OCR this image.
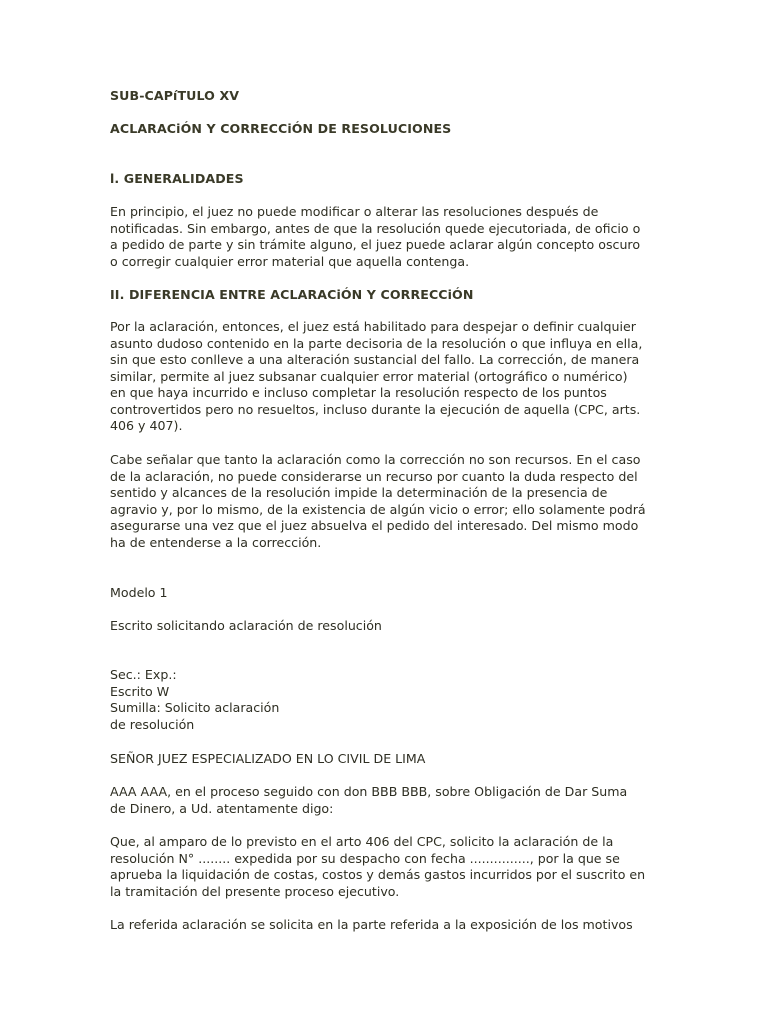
SUB-CAPíTULO XV
ACLARACiÓN Y CORRECCiÓN DE RESOLUCIONES
l. GENERALIDADES
En principio, el juez no puede modificar o alterar las resoluciones después de
notificadas. Sin embargo, antes de que la resolución quede ejecutoriada, de oficio o
a pedido de parte y sin trámite alguno, el juez puede aclarar algún concepto oscuro
o corregir cualquier error material que aquella contenga.
II. DIFERENCIA ENTRE ACLARACiÓN Y CORRECCiÓN
Por la aclaración, entonces, el juez está habilitado para despejar o definir cualquier
asunto dudoso contenido en la parte decisoria de la resolución o que influya en ella,
sin que esto conlleve a una alteración sustancial del fallo. La corrección, de manera
similar, permite al juez subsanar cualquier error material (ortográfico o numérico)
en que haya incurrido e incluso completar la resolución respecto de los puntos
controvertidos pero no resueltos, incluso durante la ejecución de aquella (CPC, arts.
406 y 407).
Cabe señalar que tanto la aclaración como la corrección no son recursos. En el caso
de la aclaración, no puede considerarse un recurso por cuanto la duda respecto del
sentido y alcances de la resolución impide la determinación de la presencia de
agravio y, por lo mismo, de la existencia de algún vicio o error; ello solamente podrá
asegurarse una vez que el juez absuelva el pedido del interesado. Del mismo modo
ha de entenderse a la corrección.
Modelo 1
Escrito solicitando aclaración de resolución
Sec.: Exp.:
Escrito W
Sumilla: Solicito aclaración
de resolución
SEÑOR JUEZ ESPECIALIZADO EN LO CIVIL DE LIMA
AAA AAA, en el proceso seguido con don BBB BBB, sobre Obligación de Dar Suma
de Dinero, a Ud. atentamente digo:
Que, al amparo de lo previsto en el arto 406 del CPC, solicito la aclaración de la
resolución N° ........ expedida por su despacho con fecha ..............., por la que se
aprueba la liquidación de costas, costos y demás gastos incurridos por el suscrito en
la tramitación del presente proceso ejecutivo.
La referida aclaración se solicita en la parte referida a la exposición de los motivos
